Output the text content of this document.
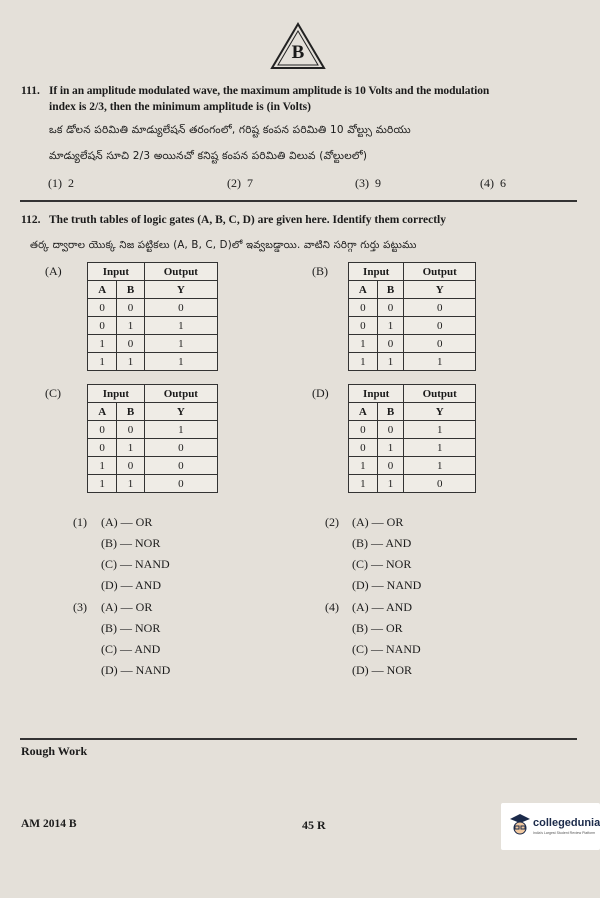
B
111. If in an amplitude modulated wave, the maximum amplitude is 10 Volts and the modulation
index is 2/3, then the minimum amplitude is (in Volts)
ఒక డోలన పరిమితి మాడ్యులేషన్ తరంగంలో, గరిష్ట కంపన పరిమితి 10 వోల్ట్సు మరియు
మాడ్యులేషన్ సూచి 2/3 అయినచో కనిష్ట కంపన పరిమితి విలువ (వోల్టులలో)
(1) 2	(2) 7	(3) 9	(4) 6
112. The truth tables of logic gates (A, B, C, D) are given here. Identify them correctly
తర్క ద్వారాల యొక్క నిజ పట్టికలు (A, B, C, D)లో ఇవ్వబడ్డాయి. వాటిని సరిగ్గా గుర్తు పట్టుము
(A)	Input		Output
A	B	Y
0	0	0
0	1	1
1	0	1
1	1	1
(B)	Input		Output
A	B	Y
0	0	0
0	1	0
1	0	0
1	1	1
(C)	Input		Output
A	B	Y
0	0	1
0	1	0
1	0	0
1	1	0
(D)	Input		Output
A	B	Y
0	0	1
0	1	1
1	0	1
1	1	0
(1) (A) — OR
(B) — NOR
(C) — NAND
(D) — AND
(2) (A) — OR
(B) — AND
(C) — NOR
(D) — NAND
(3) (A) — OR
(B) — NOR
(C) — AND
(D) — NAND
(4) (A) — AND
(B) — OR
(C) — NAND
(D) — NOR
Rough Work
AM 2014 B	45 R	collegedunia
India's Largest Student Review Platform
